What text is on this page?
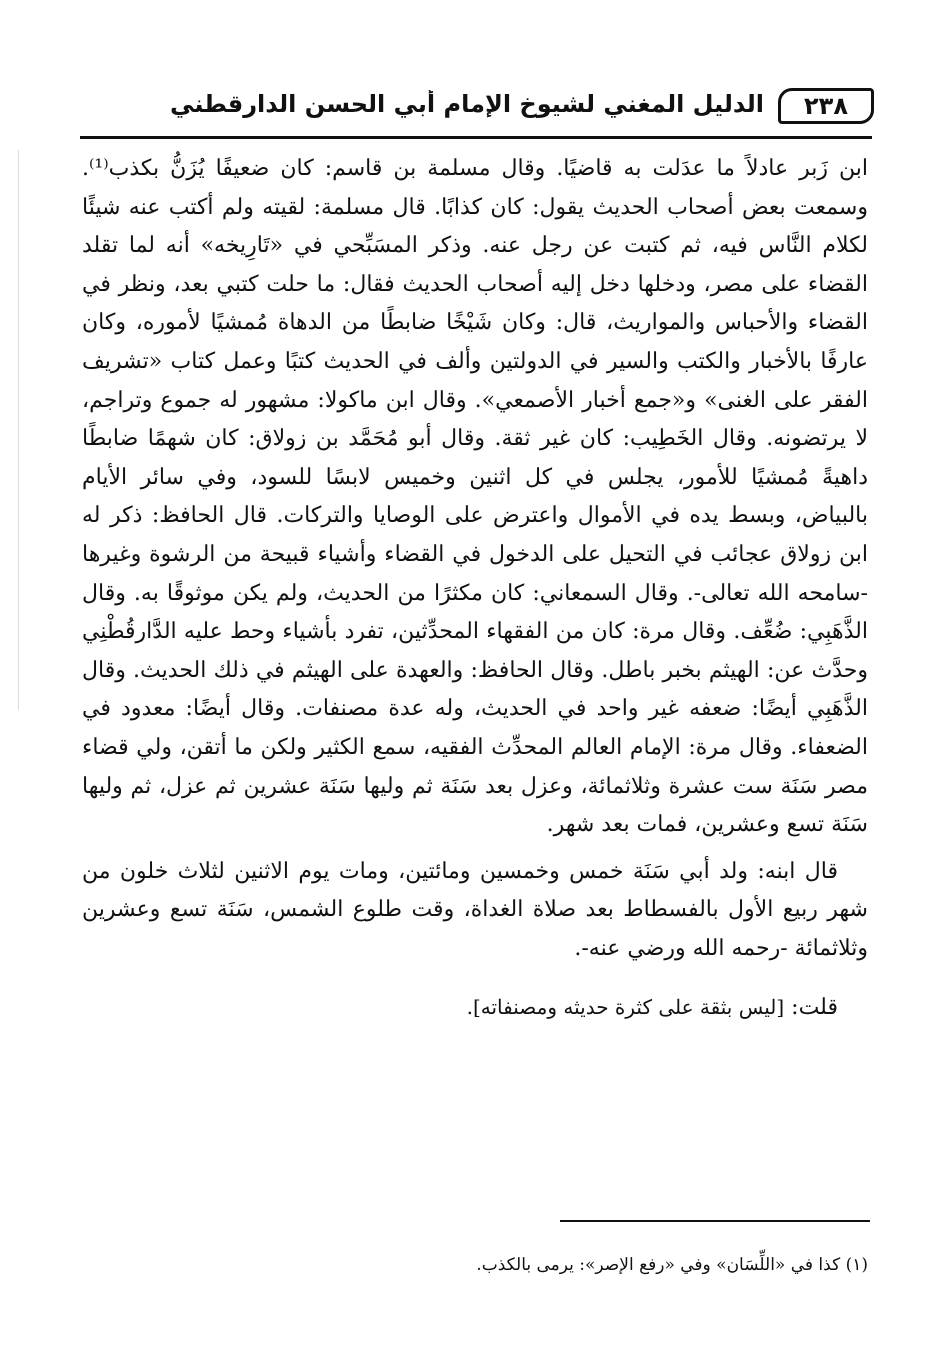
٢٣٨
الدليل المغني لشيوخ الإمام أبي الحسن الدارقطني

ابن زَبر عادلاً ما عدَلت به قاضيًا. وقال مسلمة بن قاسم: كان ضعيفًا يُزَنُّ بكذب⁽¹⁾. وسمعت بعض أصحاب الحديث يقول: كان كذابًا. قال مسلمة: لقيته ولم أكتب عنه شيئًا لكلام النَّاس فيه، ثم كتبت عن رجل عنه. وذكر المسَبِّحي في «تَارِيخه» أنه لما تقلد القضاء على مصر، ودخلها دخل إليه أصحاب الحديث فقال: ما حلت كتبي بعد، ونظر في القضاء والأحباس والمواريث، قال: وكان شَيْخًا ضابطًا من الدهاة مُمشيًا لأموره، وكان عارفًا بالأخبار والكتب والسير في الدولتين وألف في الحديث كتبًا وعمل كتاب «تشريف الفقر على الغنى» و«جمع أخبار الأصمعي». وقال ابن ماكولا: مشهور له جموع وتراجم، لا يرتضونه. وقال الخَطِيب: كان غير ثقة. وقال أبو مُحَمَّد بن زولاق: كان شهمًا ضابطًا داهيةً مُمشيًا للأمور، يجلس في كل اثنين وخميس لابسًا للسود، وفي سائر الأيام بالبياض، وبسط يده في الأموال واعترض على الوصايا والتركات. قال الحافظ: ذكر له ابن زولاق عجائب في التحيل على الدخول في القضاء وأشياء قبيحة من الرشوة وغيرها -سامحه الله تعالى-. وقال السمعاني: كان مكثرًا من الحديث، ولم يكن موثوقًا به. وقال الذَّهَبِي: ضُعِّف. وقال مرة: كان من الفقهاء المحدِّثين، تفرد بأشياء وحط عليه الدَّارقُطْنِي وحدَّث عن: الهيثم بخبر باطل. وقال الحافظ: والعهدة على الهيثم في ذلك الحديث. وقال الذَّهَبِي أيضًا: ضعفه غير واحد في الحديث، وله عدة مصنفات. وقال أيضًا: معدود في الضعفاء. وقال مرة: الإمام العالم المحدِّث الفقيه، سمع الكثير ولكن ما أتقن، ولي قضاء مصر سَنَة ست عشرة وثلاثمائة، وعزل بعد سَنَة ثم وليها سَنَة عشرين ثم عزل، ثم وليها سَنَة تسع وعشرين، فمات بعد شهر.

قال ابنه: ولد أبي سَنَة خمس وخمسين ومائتين، ومات يوم الاثنين لثلاث خلون من شهر ربيع الأول بالفسطاط بعد صلاة الغداة، وقت طلوع الشمس، سَنَة تسع وعشرين وثلاثمائة -رحمه الله ورضي عنه-.

قلت: [ليس بثقة على كثرة حديثه ومصنفاته].

(١) كذا في «اللِّسَان» وفي «رفع الإصر»: يرمى بالكذب.
